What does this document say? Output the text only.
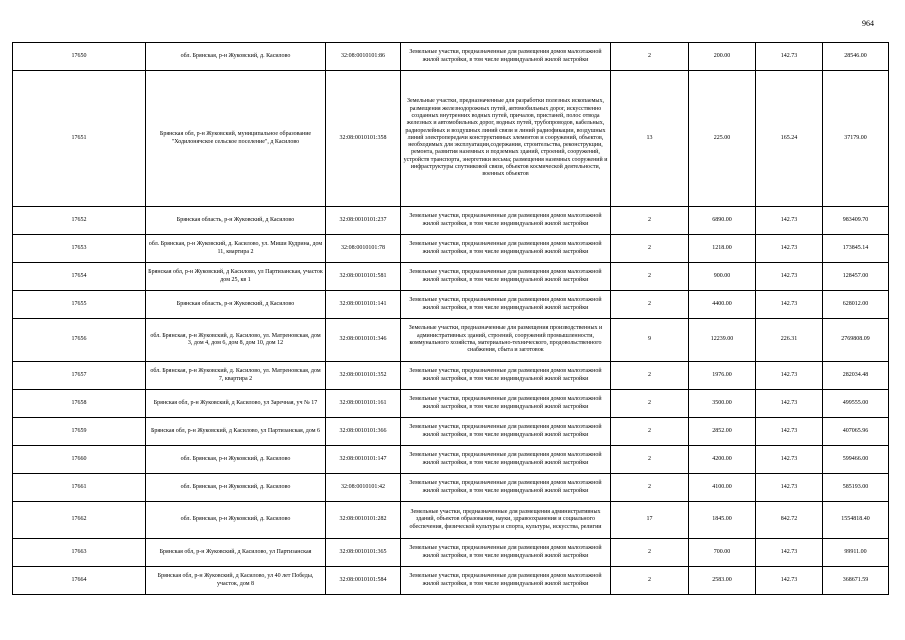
964
17650	обл. Брянская, р-н Жуковский, д. Касилово	32:08:0010101:86	Земельные участки, предназначенные для размещения домов малоэтажной жилой застройки, в том числе индивидуальной жилой застройки	2	200.00	142.73	28546.00
17651	Брянская обл, р-н Жуковский, муниципальное образование "Ходилонячское сельское поселение", д Касилово	32:08:0010101:358	Земельные участки, предназначенные для разработки полезных ископаемых, размещения железнодорожных путей, автомобильных дорог, искусственно созданных внутренних водных путей, причалов, пристаней, полос отвода железных и автомобильных дорог, водных путей, трубопроводов, кабельных, радиорелейных и воздушных линий связи и линий радиофикации, воздушных линий электропередачи конструктивных элементов и сооружений, объектов, необходимых для эксплуатации,содержания, строительства, реконструкции, ремонта, развития наземных и подземных зданий, строений, сооружений, устройств транспорта, энергетики весьма; размещения наземных сооружений и инфраструктуры спутниковой связи, объектов космической деятельности, военных объектов	13	225.00	165.24	37179.00
17652	Брянская область, р-н Жуковский, д Касилово	32:08:0010101:237	Земельные участки, предназначенные для размещения домов малоэтажной жилой застройки, в том числе индивидуальной жилой застройки	2	6890.00	142.73	983409.70
17653	обл. Брянская, р-н Жуковский, д. Касилово, ул. Миши Кудрина, дом 11, квартира 2	32:08:0010101:78	Земельные участки, предназначенные для размещения домов малоэтажной жилой застройки, в том числе индивидуальной жилой застройки	2	1218.00	142.73	173845.14
17654	Брянская обл, р-н Жуковский, д Касилово, ул Партизанская, участок дом 25, кв 1	32:08:0010101:581	Земельные участки, предназначенные для размещения домов малоэтажной жилой застройки, в том числе индивидуальной жилой застройки	2	900.00	142.73	128457.00
17655	Брянская область, р-н Жуковский, д Касилово	32:08:0010101:141	Земельные участки, предназначенные для размещения домов малоэтажной жилой застройки, в том числе индивидуальной жилой застройки	2	4400.00	142.73	628012.00
17656	обл. Брянская, р-н Жуковский, д. Касилово, ул. Матреновская, дом 3, дом 4, дом 6, дом 8, дом 10, дом 12	32:08:0010101:346	Земельные участки, предназначенные для размещения производственных и административных зданий, строений, сооружений промышленности, коммунального хозяйства, материально-технического, продовольственного снабжения, сбыта и заготовок	9	12239.00	226.31	2769808.09
17657	обл. Брянская, р-н Жуковский, д. Касилово, ул. Матреновская, дом 7, квартира 2	32:08:0010101:352	Земельные участки, предназначенные для размещения домов малоэтажной жилой застройки, в том числе индивидуальной жилой застройки	2	1976.00	142.73	282034.48
17658	Брянская обл, р-н Жуковский, д Касилово, ул Заречная, уч № 17	32:08:0010101:161	Земельные участки, предназначенные для размещения домов малоэтажной жилой застройки, в том числе индивидуальной жилой застройки	2	3500.00	142.73	499555.00
17659	Брянская обл, р-н Жуковский, д Касилово, ул Партизанская, дом 6	32:08:0010101:366	Земельные участки, предназначенные для размещения домов малоэтажной жилой застройки, в том числе индивидуальной жилой застройки	2	2852.00	142.73	407065.96
17660	обл. Брянская, р-н Жуковский, д. Касилово	32:08:0010101:147	Земельные участки, предназначенные для размещения домов малоэтажной жилой застройки, в том числе индивидуальной жилой застройки	2	4200.00	142.73	599466.00
17661	обл. Брянская, р-н Жуковский, д. Касилово	32:08:0010101:42	Земельные участки, предназначенные для размещения домов малоэтажной жилой застройки, в том числе индивидуальной жилой застройки	2	4100.00	142.73	585193.00
17662	обл. Брянская, р-н Жуковский, д. Касилово	32:08:0010101:282	Земельные участки, предназначенные для размещения административных зданий, объектов образования, науки, здравоохранения и социального обеспечения, физической культуры и спорта, культуры, искусства, религии	17	1845.00	842.72	1554818.40
17663	Брянская обл, р-н Жуковский, д Касилово, ул Партизанская	32:08:0010101:365	Земельные участки, предназначенные для размещения домов малоэтажной жилой застройки, в том числе индивидуальной жилой застройки	2	700.00	142.73	99911.00
17664	Брянская обл, р-н Жуковский, д Касилово, ул 40 лет Победы, участок, дом 8	32:08:0010101:584	Земельные участки, предназначенные для размещения домов малоэтажной жилой застройки, в том числе индивидуальной жилой застройки	2	2583.00	142.73	368671.59
